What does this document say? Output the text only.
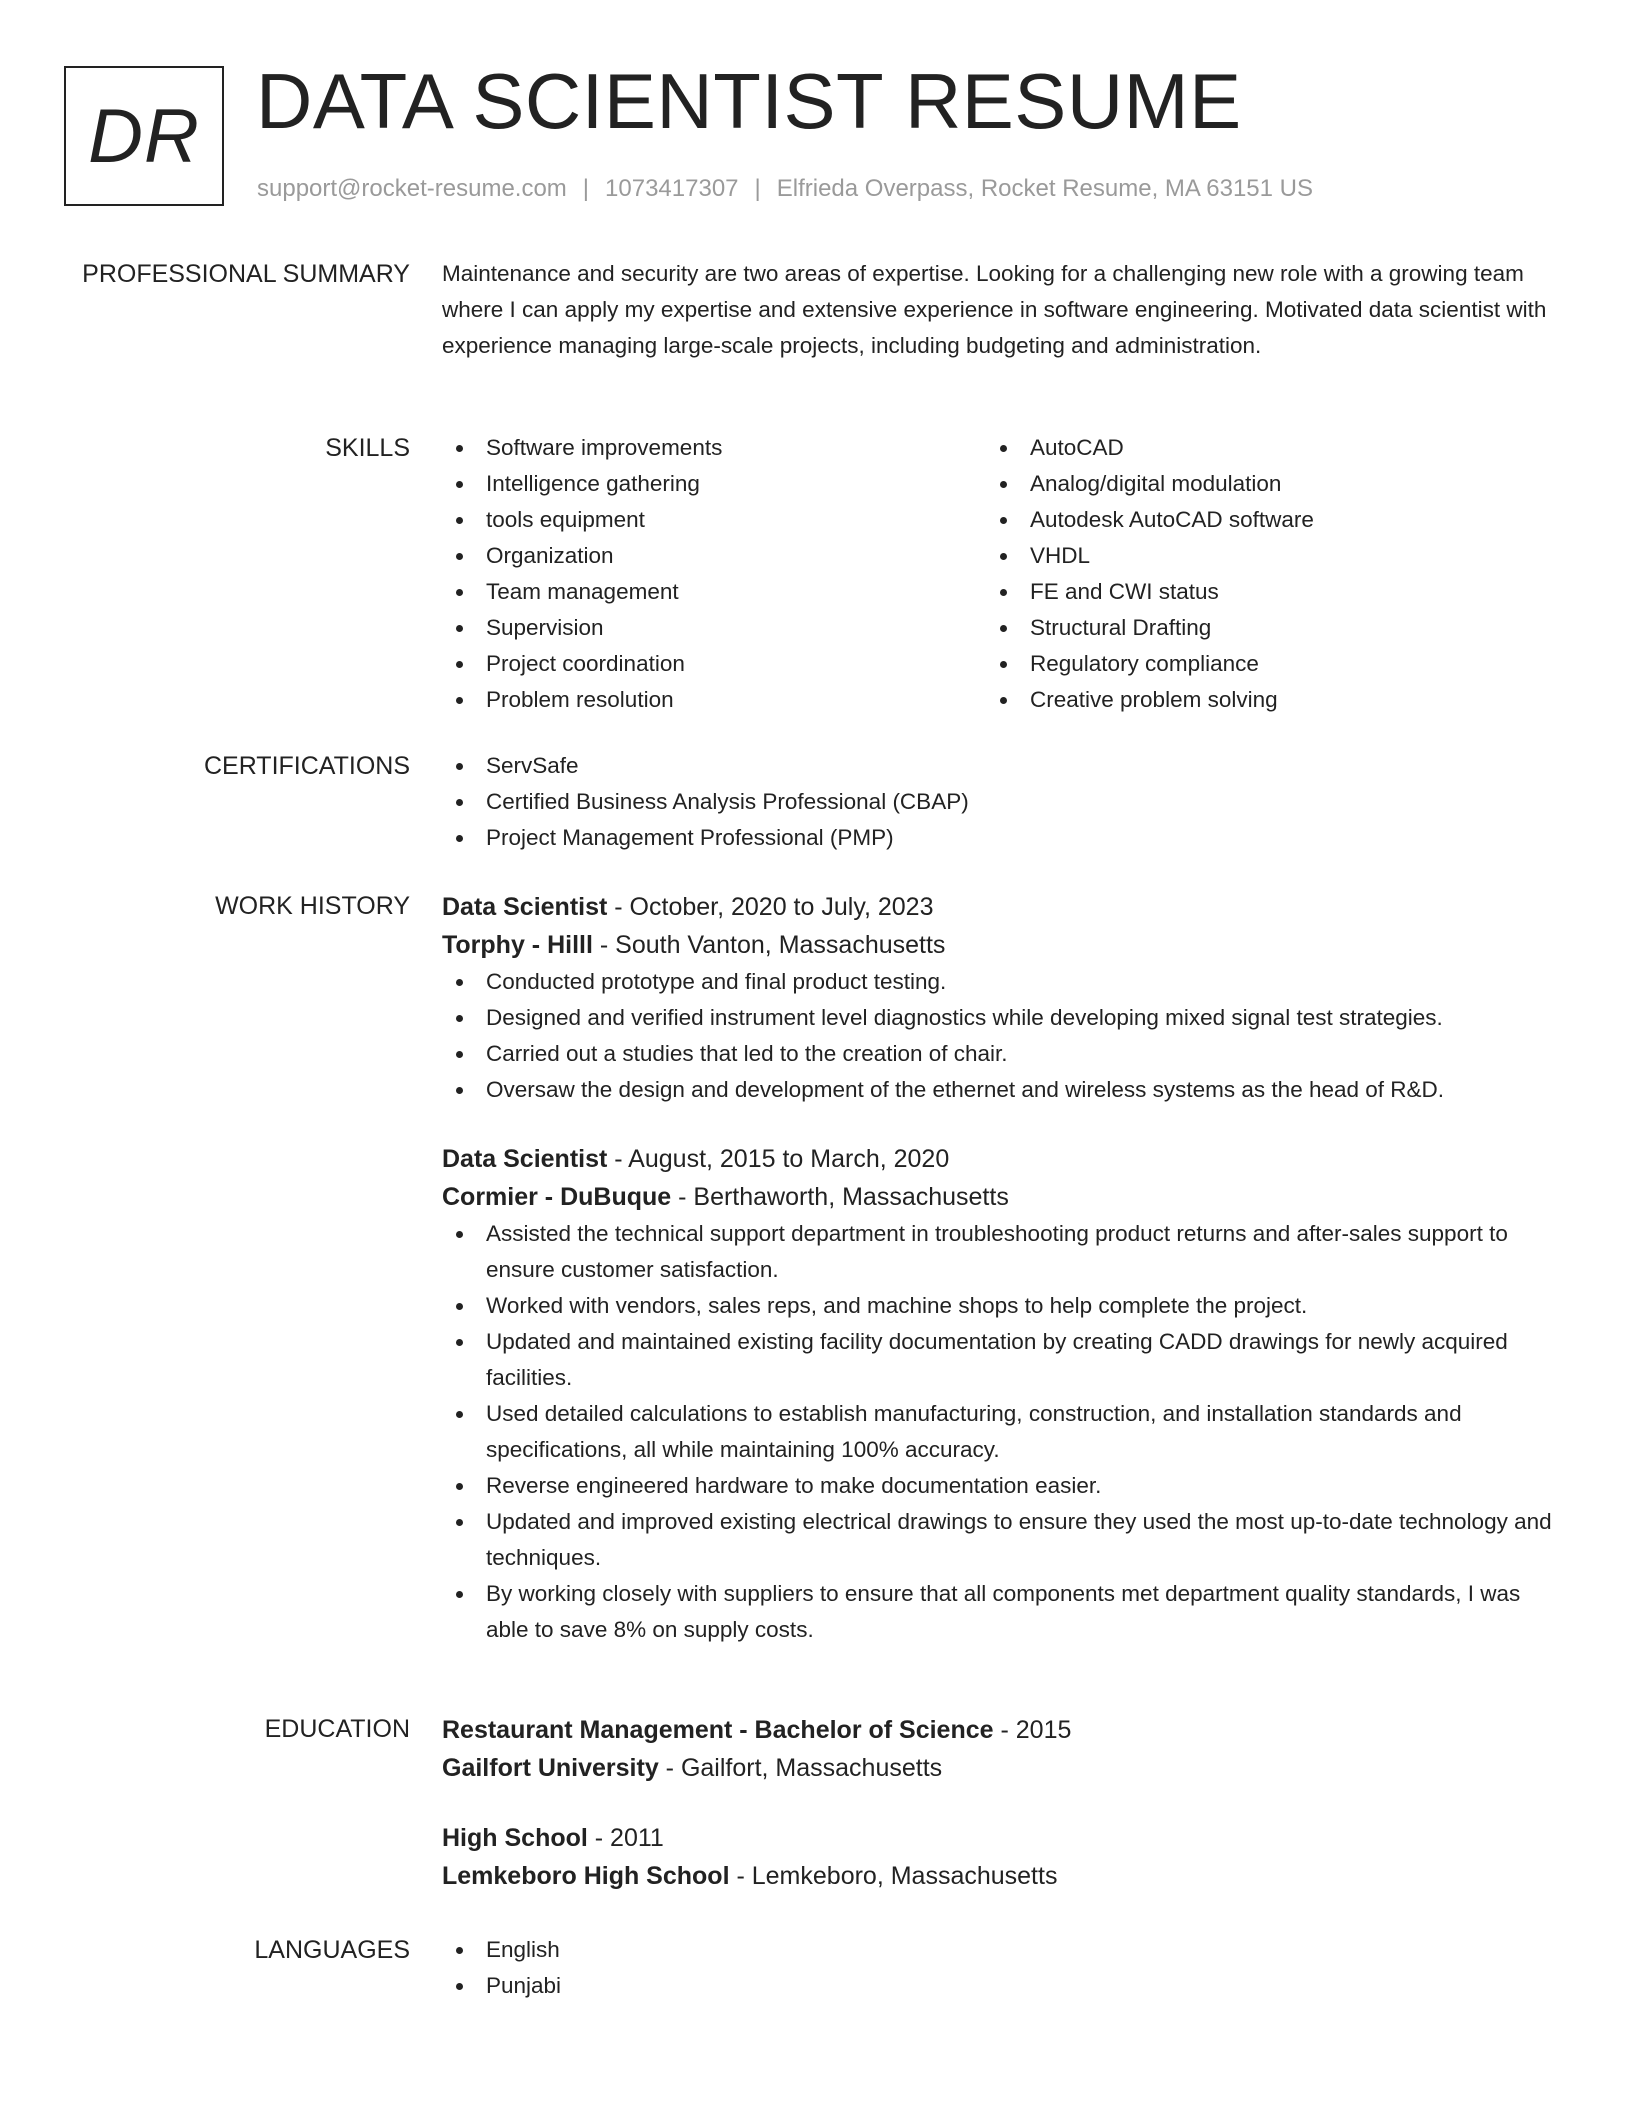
DR DATA SCIENTIST RESUME
support@rocket-resume.com | 1073417307 | Elfrieda Overpass, Rocket Resume, MA 63151 US
PROFESSIONAL SUMMARY Maintenance and security are two areas of expertise. Looking for a challenging new role with a growing team where I can apply my expertise and extensive experience in software engineering. Motivated data scientist with experience managing large-scale projects, including budgeting and administration.

SKILLS	Software improvements
Intelligence gathering
tools equipment
Organization
Team management
Supervision
Project coordination
Problem resolution
AutoCAD
Analog/digital modulation
Autodesk AutoCAD software
VHDL
FE and CWI status
Structural Drafting
Regulatory compliance
Creative problem solving
CERTIFICATIONS	ServSafe
Certified Business Analysis Professional (CBAP)
Project Management Professional (PMP)
WORK HISTORY Data Scientist - October, 2020 to July, 2023
Torphy - Hilll - South Vanton, Massachusetts
Conducted prototype and final product testing.
Designed and verified instrument level diagnostics while developing mixed signal test strategies.
Carried out a studies that led to the creation of chair.
Oversaw the design and development of the ethernet and wireless systems as the head of R&D.
Data Scientist - August, 2015 to March, 2020
Cormier - DuBuque - Berthaworth, Massachusetts
Assisted the technical support department in troubleshooting product returns and after-sales support to ensure customer satisfaction.
Worked with vendors, sales reps, and machine shops to help complete the project.
Updated and maintained existing facility documentation by creating CADD drawings for newly acquired facilities.
Used detailed calculations to establish manufacturing, construction, and installation standards and specifications, all while maintaining 100% accuracy.
Reverse engineered hardware to make documentation easier.
Updated and improved existing electrical drawings to ensure they used the most up-to-date technology and techniques.
By working closely with suppliers to ensure that all components met department quality standards, I was able to save 8% on supply costs.
EDUCATION Restaurant Management - Bachelor of Science - 2015
Gailfort University - Gailfort, Massachusetts
High School - 2011
Lemkeboro High School - Lemkeboro, Massachusetts
LANGUAGES	English
Punjabi
